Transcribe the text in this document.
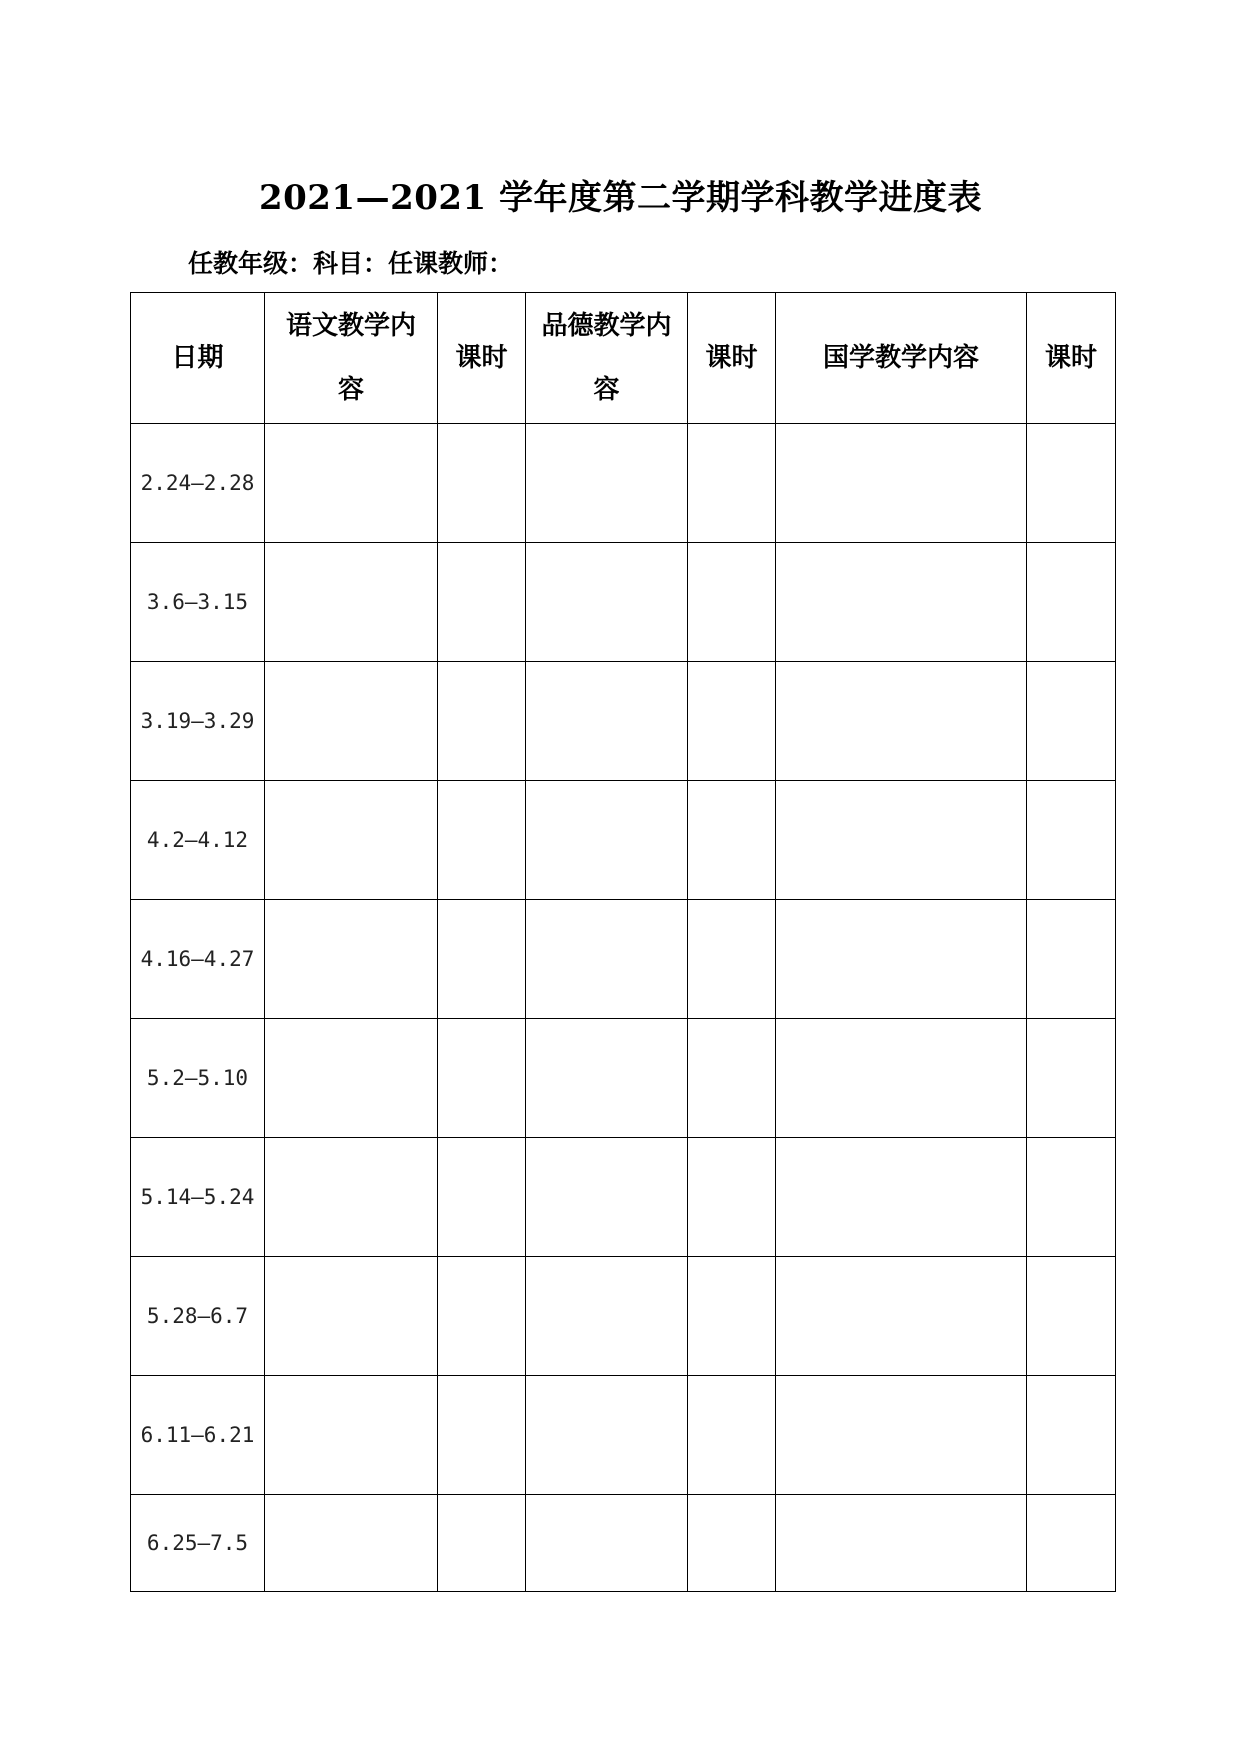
2021—2021 学年度第二学期学科教学进度表
任教年级：科目：任课教师：
日期	语文教学内容	课时	品德教学内容	课时	国学教学内容	课时
2.24—2.28						
3.6—3.15						
3.19—3.29						
4.2—4.12						
4.16—4.27						
5.2—5.10						
5.14—5.24						
5.28—6.7						
6.11—6.21						
6.25—7.5						
